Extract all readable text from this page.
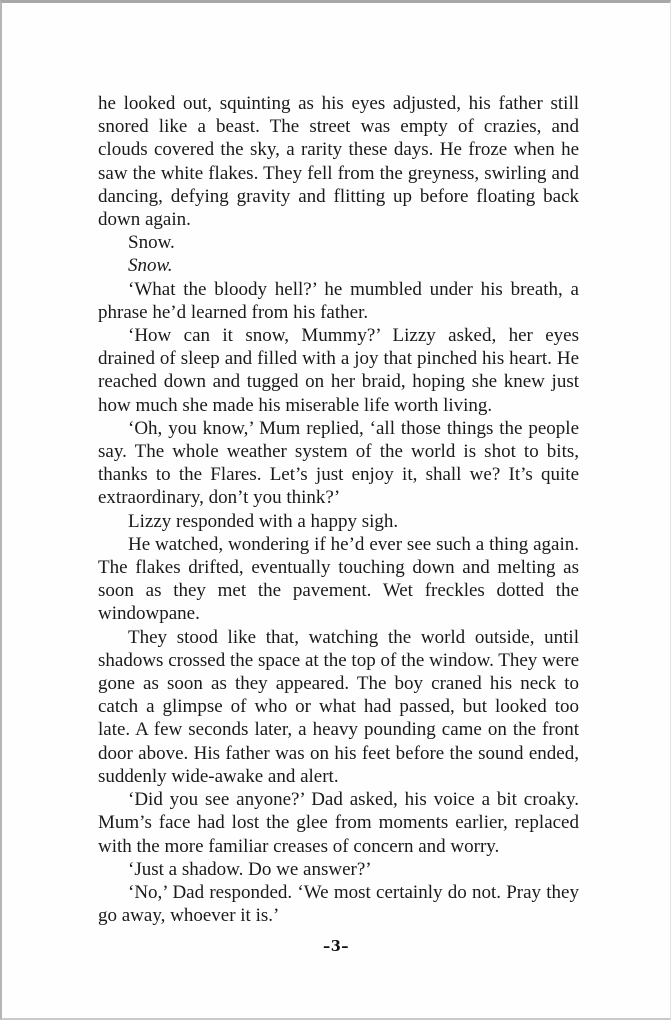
he looked out, squinting as his eyes adjusted, his father still snored like a beast. The street was empty of crazies, and clouds covered the sky, a rarity these days. He froze when he saw the white flakes. They fell from the greyness, swirling and dancing, defying gravity and flitting up before floating back down again.

Snow.

Snow.

‘What the bloody hell?’ he mumbled under his breath, a phrase he’d learned from his father.

‘How can it snow, Mummy?’ Lizzy asked, her eyes drained of sleep and filled with a joy that pinched his heart. He reached down and tugged on her braid, hoping she knew just how much she made his miserable life worth living.

‘Oh, you know,’ Mum replied, ‘all those things the people say. The whole weather system of the world is shot to bits, thanks to the Flares. Let’s just enjoy it, shall we? It’s quite extraordinary, don’t you think?’

Lizzy responded with a happy sigh.

He watched, wondering if he’d ever see such a thing again. The flakes drifted, eventually touching down and melting as soon as they met the pavement. Wet freckles dotted the windowpane.

They stood like that, watching the world outside, until shadows crossed the space at the top of the window. They were gone as soon as they appeared. The boy craned his neck to catch a glimpse of who or what had passed, but looked too late. A few seconds later, a heavy pounding came on the front door above. His father was on his feet before the sound ended, suddenly wide-awake and alert.

‘Did you see anyone?’ Dad asked, his voice a bit croaky. Mum’s face had lost the glee from moments earlier, replaced with the more familiar creases of concern and worry.

‘Just a shadow. Do we answer?’

‘No,’ Dad responded. ‘We most certainly do not. Pray they go away, whoever it is.’

–3–
